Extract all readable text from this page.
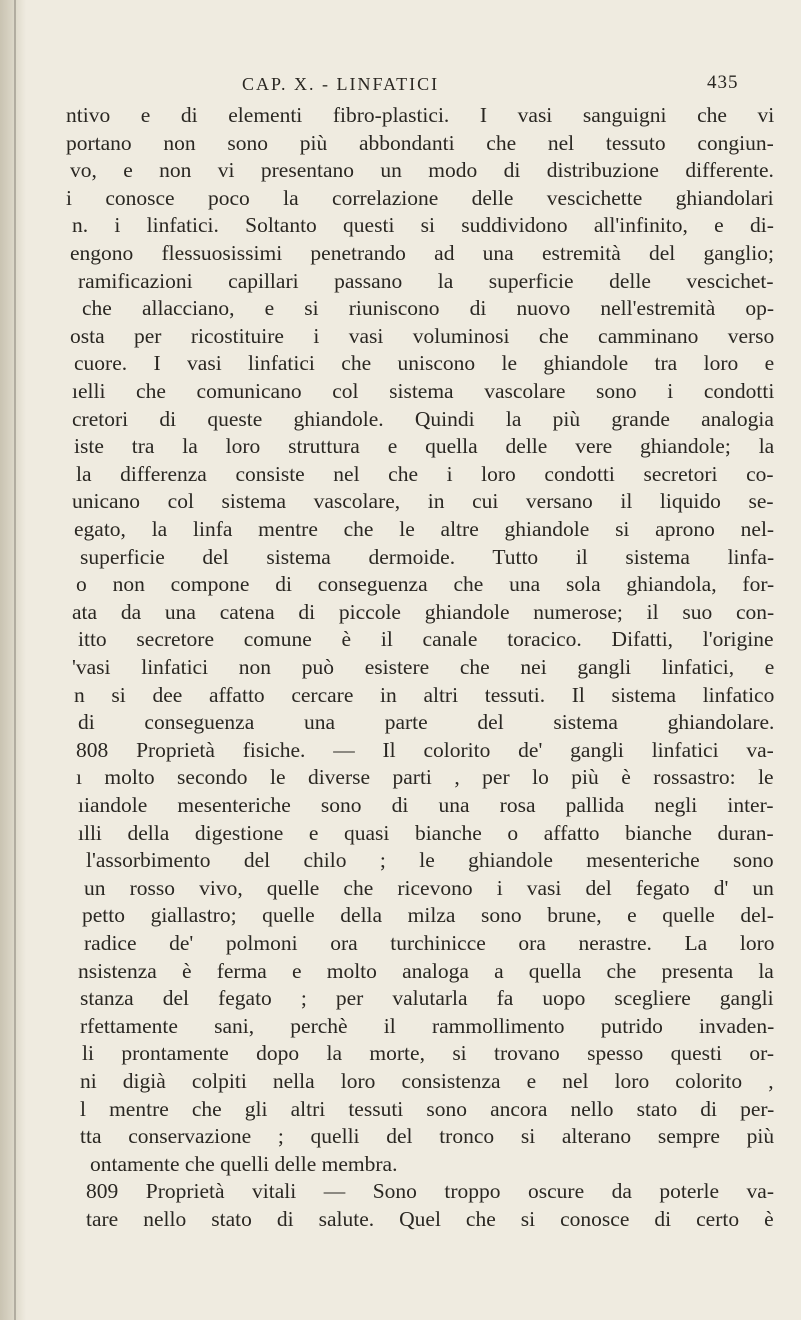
CAP. X. - LINFATICI	435
ntivo e di elementi fibro-plastici. I vasi sanguigni che vi
portano non sono più abbondanti che nel tessuto congiun-
vo, e non vi presentano un modo di distribuzione differente.
i conosce poco la correlazione delle vescichette ghiandolari
n. i linfatici. Soltanto questi si suddividono all'infinito, e di-
engono flessuosissimi penetrando ad una estremità del ganglio;
ramificazioni capillari passano la superficie delle vescichet-
che allacciano, e si riuniscono di nuovo nell'estremità op-
osta per ricostituire i vasi voluminosi che camminano verso
cuore. I vasi linfatici che uniscono le ghiandole tra loro e
ıelli che comunicano col sistema vascolare sono i condotti
cretori di queste ghiandole. Quindi la più grande analogia
iste tra la loro struttura e quella delle vere ghiandole; la
la differenza consiste nel che i loro condotti secretori co-
unicano col sistema vascolare, in cui versano il liquido se-
egato, la linfa mentre che le altre ghiandole si aprono nel-
superficie del sistema dermoide. Tutto il sistema linfa-
o non compone di conseguenza che una sola ghiandola, for-
ata da una catena di piccole ghiandole numerose; il suo con-
itto secretore comune è il canale toracico. Difatti, l'origine
'vasi linfatici non può esistere che nei gangli linfatici, e
n si dee affatto cercare in altri tessuti. Il sistema linfatico
di conseguenza una parte del sistema ghiandolare.
808 Proprietà fisiche. — Il colorito de' gangli linfatici va-
ı molto secondo le diverse parti , per lo più è rossastro: le
ıiandole mesenteriche sono di una rosa pallida negli inter-
ılli della digestione e quasi bianche o affatto bianche duran-
l'assorbimento del chilo ; le ghiandole mesenteriche sono
un rosso vivo, quelle che ricevono i vasi del fegato d' un
petto giallastro; quelle della milza sono brune, e quelle del-
radice de' polmoni ora turchinicce ora nerastre. La loro
nsistenza è ferma e molto analoga a quella che presenta la
stanza del fegato ; per valutarla fa uopo scegliere gangli
rfettamente sani, perchè il rammollimento putrido invaden-
li prontamente dopo la morte, si trovano spesso questi or-
ni digià colpiti nella loro consistenza e nel loro colorito ,
l mentre che gli altri tessuti sono ancora nello stato di per-
tta conservazione ; quelli del tronco si alterano sempre più
ontamente che quelli delle membra.
809 Proprietà vitali — Sono troppo oscure da poterle va-
tare nello stato di salute. Quel che si conosce di certo è
